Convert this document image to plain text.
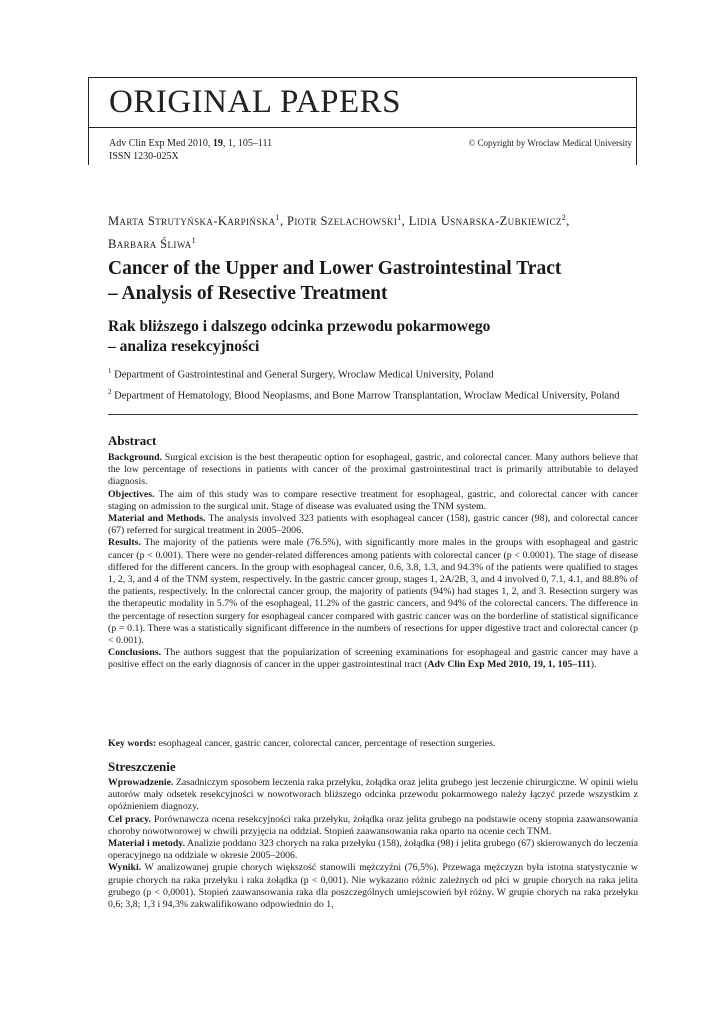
ORIGINAL PAPERS
Adv Clin Exp Med 2010, 19, 1, 105–111
ISSN 1230-025X
© Copyright by Wroclaw Medical University
Marta Strutyńska-Karpińska$^1$, Piotr Szelachowski$^1$, Lidia Usnarska-Zubkiewicz$^2$,
Barbara Śliwa$^1$
Cancer of the Upper and Lower Gastrointestinal Tract
– Analysis of Resective Treatment
Rak bliższego i dalszego odcinka przewodu pokarmowego
– analiza resekcyjności
$^1$ Department of Gastrointestinal and General Surgery, Wroclaw Medical University, Poland
$^2$ Department of Hematology, Blood Neoplasms, and Bone Marrow Transplantation, Wroclaw Medical University, Poland
Abstract

Background. Surgical excision is the best therapeutic option for esophageal, gastric, and colorectal cancer. Many authors believe that the low percentage of resections in patients with cancer of the proximal gastrointestinal tract is primarily attributable to delayed diagnosis.

Objectives. The aim of this study was to compare resective treatment for esophageal, gastric, and colorectal cancer with cancer staging on admission to the surgical unit. Stage of disease was evaluated using the TNM system.

Material and Methods. The analysis involved 323 patients with esophageal cancer (158), gastric cancer (98), and colorectal cancer (67) referred for surgical treatment in 2005–2006.

Results. The majority of the patients were male (76.5%), with significantly more males in the groups with esophageal and gastric cancer (p < 0.001). There were no gender-related differences among patients with colorectal cancer (p < 0.0001). The stage of disease differed for the different cancers. In the group with esophageal cancer, 0.6, 3.8, 1.3, and 94.3% of the patients were qualified to stages 1, 2, 3, and 4 of the TNM system, respectively. In the gastric cancer group, stages 1, 2A/2B, 3, and 4 involved 0, 7.1, 4.1, and 88.8% of the patients, respectively. In the colorectal cancer group, the majority of patients (94%) had stages 1, 2, and 3. Resection surgery was the therapeutic modality in 5.7% of the esophageal, 11.2% of the gastric cancers, and 94% of the colorectal cancers. The difference in the percentage of resection surgery for esophageal cancer compared with gastric cancer was on the borderline of statistical significance (p = 0.1). There was a statistically significant difference in the numbers of resections for upper digestive tract and colorectal cancer (p < 0.001).

Conclusions. The authors suggest that the popularization of screening examinations for esophageal and gastric cancer may have a positive effect on the early diagnosis of cancer in the upper gastrointestinal tract (Adv Clin Exp Med 2010, 19, 1, 105–111).

Key words: esophageal cancer, gastric cancer, colorectal cancer, percentage of resection surgeries.
Streszczenie

Wprowadzenie. Zasadniczym sposobem leczenia raka przełyku, żołądka oraz jelita grubego jest leczenie chirurgiczne. W opinii wielu autorów mały odsetek resekcyjności w nowotworach bliższego odcinka przewodu pokarmowego należy łączyć przede wszystkim z opóźnieniem diagnozy.

Cel pracy. Porównawcza ocena resekcyjności raka przełyku, żołądka oraz jelita grubego na podstawie oceny stopnia zaawansowania choroby nowotworowej w chwili przyjęcia na oddział. Stopień zaawansowania raka oparto na ocenie cech TNM.

Materiał i metody. Analizie poddano 323 chorych na raka przełyku (158), żołądka (98) i jelita grubego (67) skierowanych do leczenia operacyjnego na oddziale w okresie 2005–2006.

Wyniki. W analizowanej grupie chorych większość stanowili mężczyźni (76,5%). Przewaga mężczyzn była istotna statystycznie w grupie chorych na raka przełyku i raka żołądka (p < 0,001). Nie wykazano różnic zależnych od płci w grupie chorych na raka jelita grubego (p < 0,0001). Stopień zaawansowania raka dla poszczególnych umiejscowień był różny. W grupie chorych na raka przełyku 0,6; 3,8; 1,3 i 94,3% zakwalifikowano odpowiednio do 1,
